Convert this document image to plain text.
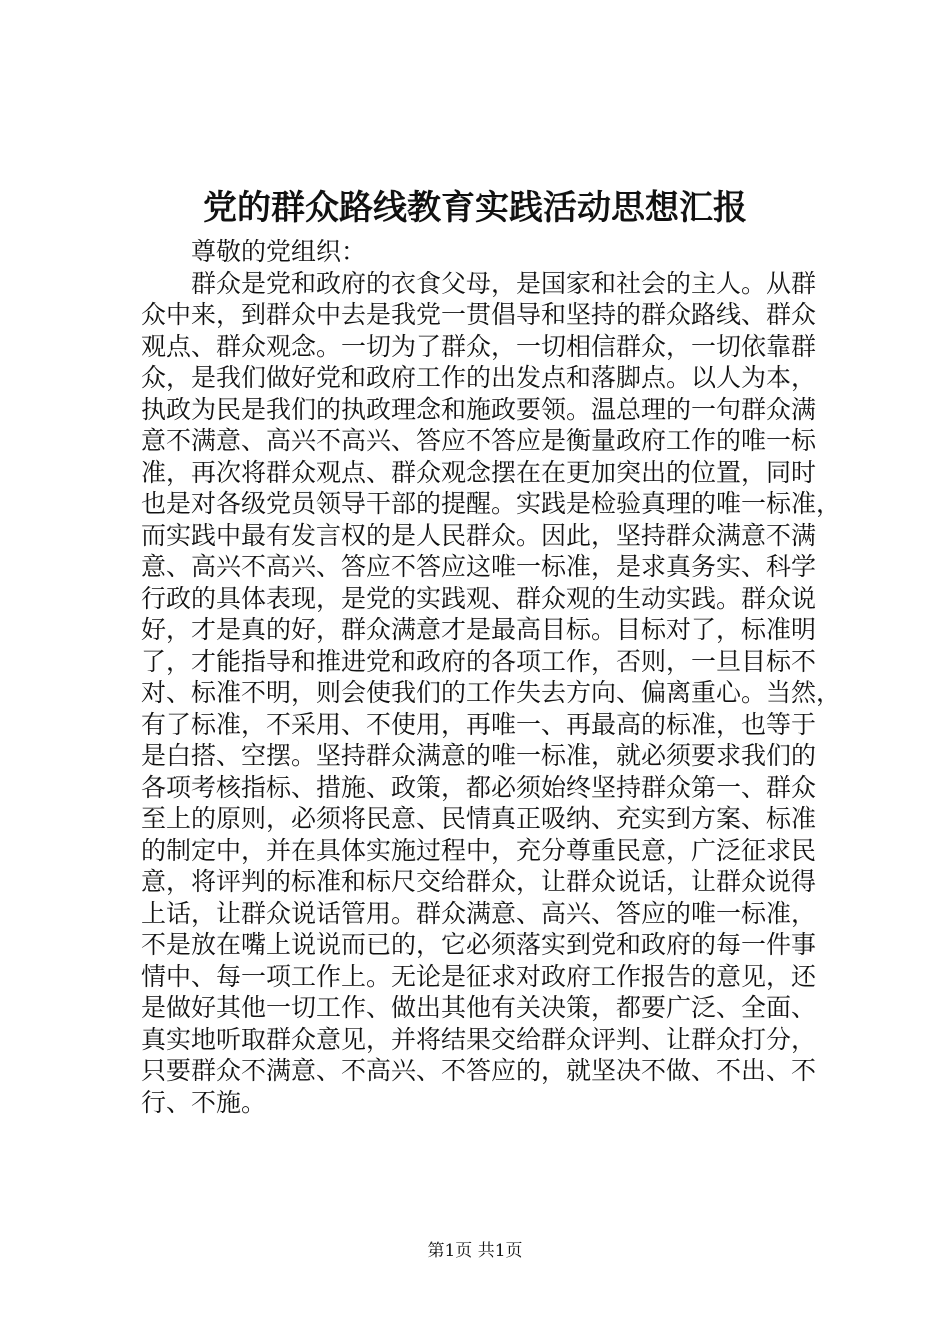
党的群众路线教育实践活动思想汇报
　　尊敬的党组织：
　　群众是党和政府的衣食父母，是国家和社会的主人。从群
众中来，到群众中去是我党一贯倡导和坚持的群众路线、群众
观点、群众观念。一切为了群众，一切相信群众，一切依靠群
众，是我们做好党和政府工作的出发点和落脚点。以人为本，
执政为民是我们的执政理念和施政要领。温总理的一句群众满
意不满意、高兴不高兴、答应不答应是衡量政府工作的唯一标
准，再次将群众观点、群众观念摆在在更加突出的位置，同时
也是对各级党员领导干部的提醒。实践是检验真理的唯一标准，
而实践中最有发言权的是人民群众。因此，坚持群众满意不满
意、高兴不高兴、答应不答应这唯一标准，是求真务实、科学
行政的具体表现，是党的实践观、群众观的生动实践。群众说
好，才是真的好，群众满意才是最高目标。目标对了，标准明
了，才能指导和推进党和政府的各项工作，否则，一旦目标不
对、标准不明，则会使我们的工作失去方向、偏离重心。当然，
有了标准，不采用、不使用，再唯一、再最高的标准，也等于
是白搭、空摆。坚持群众满意的唯一标准，就必须要求我们的
各项考核指标、措施、政策，都必须始终坚持群众第一、群众
至上的原则，必须将民意、民情真正吸纳、充实到方案、标准
的制定中，并在具体实施过程中，充分尊重民意，广泛征求民
意，将评判的标准和标尺交给群众，让群众说话，让群众说得
上话，让群众说话管用。群众满意、高兴、答应的唯一标准，
不是放在嘴上说说而已的，它必须落实到党和政府的每一件事
情中、每一项工作上。无论是征求对政府工作报告的意见，还
是做好其他一切工作、做出其他有关决策，都要广泛、全面、
真实地听取群众意见，并将结果交给群众评判、让群众打分，
只要群众不满意、不高兴、不答应的，就坚决不做、不出、不
行、不施。
第1页 共1页
